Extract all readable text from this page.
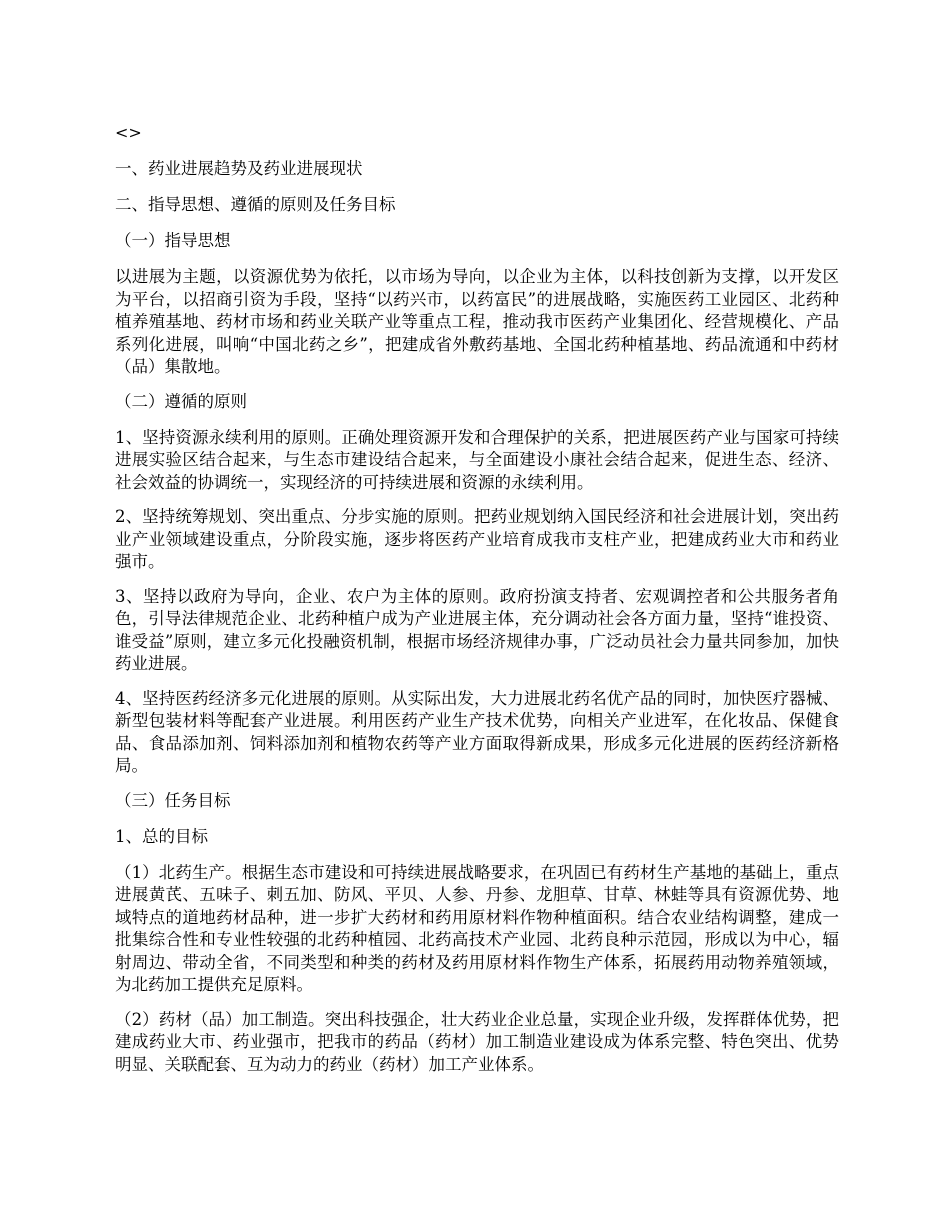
<>
一、药业进展趋势及药业进展现状
二、指导思想、遵循的原则及任务目标
（一）指导思想

以进展为主题，以资源优势为依托，以市场为导向，以企业为主体，以科技创新为支撑，以开发区为平台，以招商引资为手段，坚持“以药兴市，以药富民”的进展战略，实施医药工业园区、北药种植养殖基地、药材市场和药业关联产业等重点工程，推动我市医药产业集团化、经营规模化、产品系列化进展，叫响“中国北药之乡”，把建成省外敷药基地、全国北药种植基地、药品流通和中药材（品）集散地。

（二）遵循的原则

1、坚持资源永续利用的原则。正确处理资源开发和合理保护的关系，把进展医药产业与国家可持续进展实验区结合起来，与生态市建设结合起来，与全面建设小康社会结合起来，促进生态、经济、社会效益的协调统一，实现经济的可持续进展和资源的永续利用。

2、坚持统筹规划、突出重点、分步实施的原则。把药业规划纳入国民经济和社会进展计划，突出药业产业领域建设重点，分阶段实施，逐步将医药产业培育成我市支柱产业，把建成药业大市和药业强市。

3、坚持以政府为导向，企业、农户为主体的原则。政府扮演支持者、宏观调控者和公共服务者角色，引导法律规范企业、北药种植户成为产业进展主体，充分调动社会各方面力量，坚持“谁投资、谁受益”原则，建立多元化投融资机制，根据市场经济规律办事，广泛动员社会力量共同参加，加快药业进展。

4、坚持医药经济多元化进展的原则。从实际出发，大力进展北药名优产品的同时，加快医疗器械、新型包装材料等配套产业进展。利用医药产业生产技术优势，向相关产业进军，在化妆品、保健食品、食品添加剂、饲料添加剂和植物农药等产业方面取得新成果，形成多元化进展的医药经济新格局。

（三）任务目标
1、总的目标

（1）北药生产。根据生态市建设和可持续进展战略要求，在巩固已有药材生产基地的基础上，重点进展黄芪、五味子、刺五加、防风、平贝、人参、丹参、龙胆草、甘草、林蛙等具有资源优势、地域特点的道地药材品种，进一步扩大药材和药用原材料作物种植面积。结合农业结构调整，建成一批集综合性和专业性较强的北药种植园、北药高技术产业园、北药良种示范园，形成以为中心，辐射周边、带动全省，不同类型和种类的药材及药用原材料作物生产体系，拓展药用动物养殖领域，为北药加工提供充足原料。

（2）药材（品）加工制造。突出科技强企，壮大药业企业总量，实现企业升级，发挥群体优势，把建成药业大市、药业强市，把我市的药品（药材）加工制造业建设成为体系完整、特色突出、优势明显、关联配套、互为动力的药业（药材）加工产业体系。
